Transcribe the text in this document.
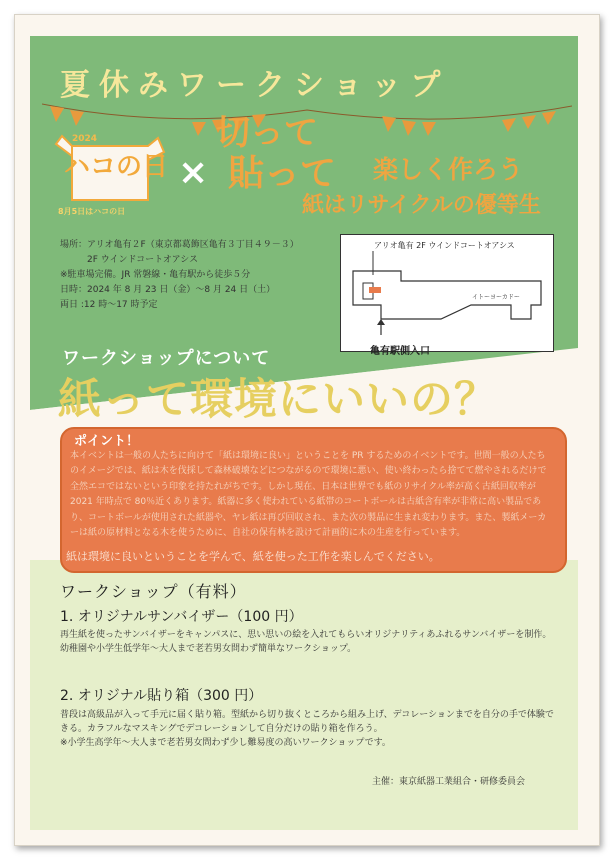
夏休みワークショップ
2024
ハコの日
8月5日はハコの日
×
切って
貼って 楽しく作ろう
紙はリサイクルの優等生
場所：アリオ亀有２F（東京都葛飾区亀有３丁目４９－３）
　　　2F ウインドコートオアシス
※駐車場完備。JR 常磐線・亀有駅から徒歩５分
日時：2024 年 8 月 23 日（金）～8 月 24 日（土）
両日 :12 時～17 時予定
アリオ亀有 2F ウインドコートオアシス
イトーヨーカドー
亀有駅側入口
ワークショップについて
紙って環境にいいの？
ポイント！
本イベントは一般の人たちに向けて「紙は環境に良い」ということを PR するためのイベントです。世間一般の人たちのイメージでは、紙は木を伐採して森林破壊などにつながるので環境に悪い、使い終わったら捨てて燃やされるだけで全然エコではないという印象を持たれがちです。しかし現在、日本は世界でも紙のリサイクル率が高く古紙回収率が 2021 年時点で 80％近くあります。紙器に多く使われている紙帯のコートボールは古紙含有率が非常に高い製品であり、コートボールが使用された紙器や、ヤレ紙は再び回収され、また次の製品に生まれ変わります。また、製紙メーカーは紙の原材料となる木を使うために、自社の保有林を設けて計画的に木の生産を行っています。
紙は環境に良いということを学んで、紙を使った工作を楽しんでください。
ワークショップ（有料）
1. オリジナルサンバイザー（100 円）
再生紙を使ったサンバイザーをキャンパスに、思い思いの絵を入れてもらいオリジナリティあふれるサンバイザーを制作。
幼稚園や小学生低学年～大人まで老若男女問わず簡単なワークショップ。
2. オリジナル貼り箱（300 円）
普段は高級品が入って手元に届く貼り箱。型紙から切り抜くところから組み上げ、デコレーションまでを自分の手で体験できる。カラフルなマスキングでデコレーションして自分だけの貼り箱を作ろう。
※小学生高学年～大人まで老若男女問わず少し難易度の高いワークショップです。
主催：東京紙器工業組合・研修委員会
